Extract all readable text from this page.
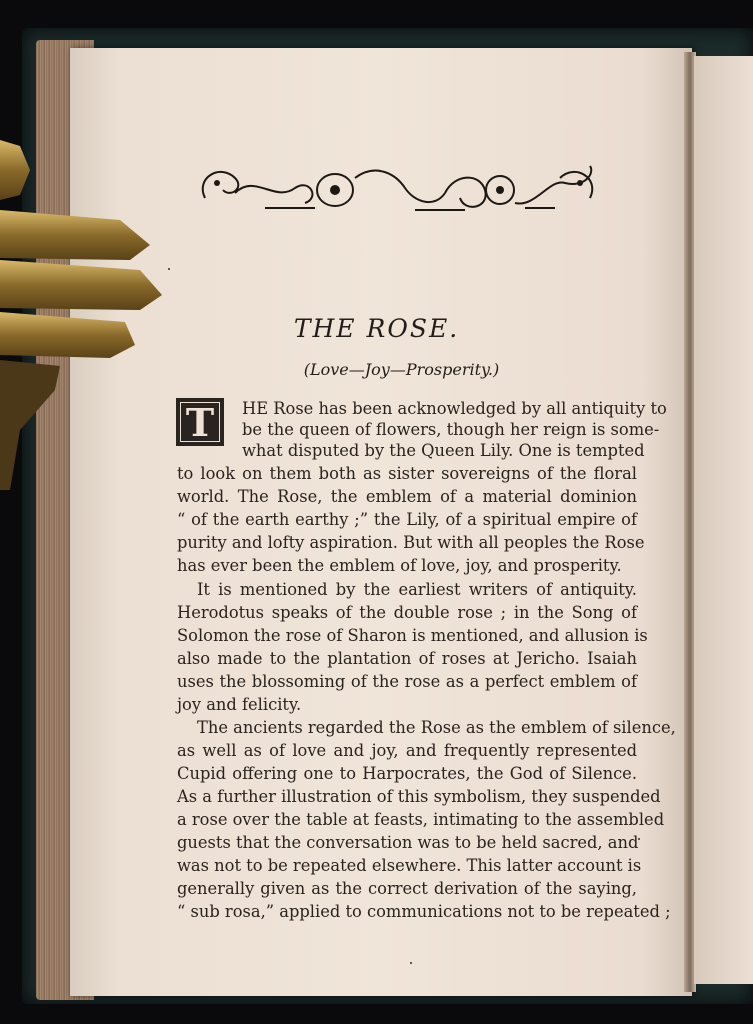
THE ROSE.
(Love—Joy—Prosperity.)
T	HE Rose has been acknowledged by all antiquity to
be the queen of flowers, though her reign is some-
what disputed by the Queen Lily. One is tempted
to look on them both as sister sovereigns of the floral
world. The Rose, the emblem of a material dominion
“ of the earth earthy ;” the Lily, of a spiritual empire of
purity and lofty aspiration. But with all peoples the Rose
has ever been the emblem of love, joy, and prosperity.
It is mentioned by the earliest writers of antiquity.
Herodotus speaks of the double rose ; in the Song of
Solomon the rose of Sharon is mentioned, and allusion is
also made to the plantation of roses at Jericho. Isaiah
uses the blossoming of the rose as a perfect emblem of
joy and felicity.
The ancients regarded the Rose as the emblem of silence,
as well as of love and joy, and frequently represented
Cupid offering one to Harpocrates, the God of Silence.
As a further illustration of this symbolism, they suspended
a rose over the table at feasts, intimating to the assembled
guests that the conversation was to be held sacred, and
was not to be repeated elsewhere. This latter account is
generally given as the correct derivation of the saying,
“ sub rosa,” applied to communications not to be repeated ;
